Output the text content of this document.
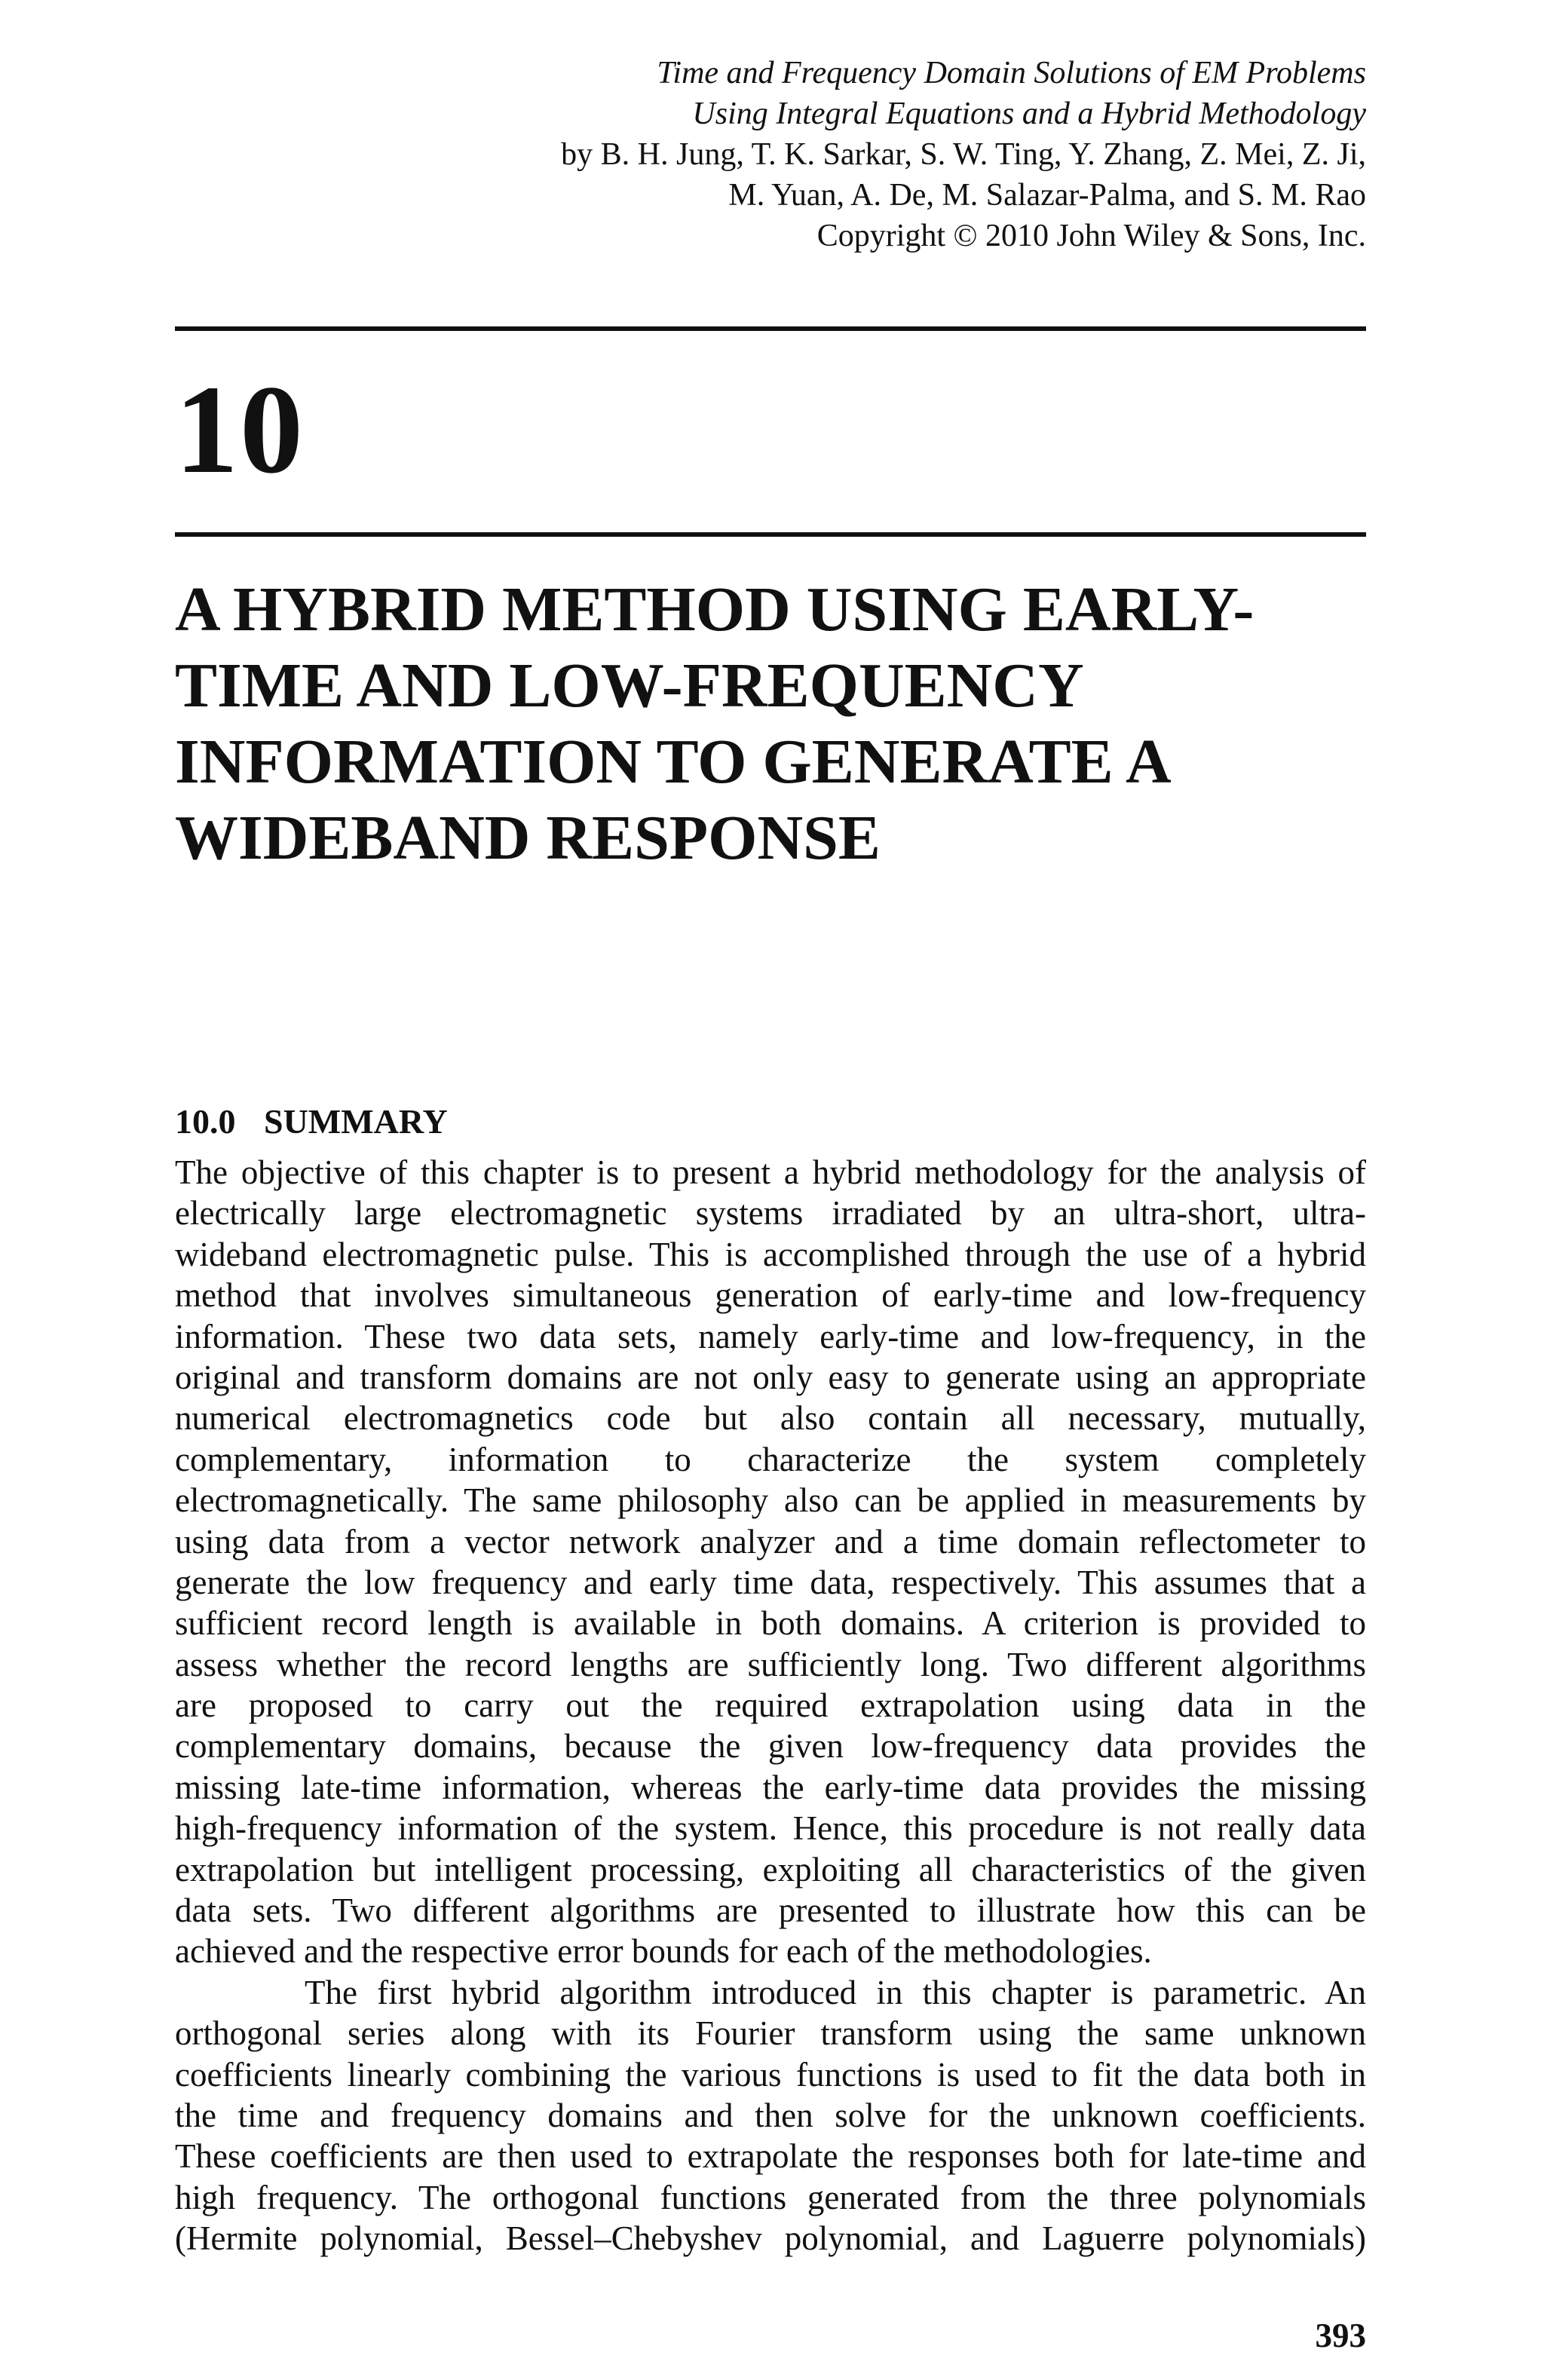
Time and Frequency Domain Solutions of EM Problems
Using Integral Equations and a Hybrid Methodology
by B. H. Jung, T. K. Sarkar, S. W. Ting, Y. Zhang, Z. Mei, Z. Ji,
M. Yuan, A. De, M. Salazar-Palma, and S. M. Rao
Copyright © 2010 John Wiley & Sons, Inc.
10
A HYBRID METHOD USING EARLY-
TIME AND LOW-FREQUENCY
INFORMATION TO GENERATE A
WIDEBAND RESPONSE
10.0 SUMMARY

The objective of this chapter is to present a hybrid methodology for the analysis of
electrically large electromagnetic systems irradiated by an ultra-short, ultra-
wideband electromagnetic pulse. This is accomplished through the use of a hybrid
method that involves simultaneous generation of early-time and low-frequency
information. These two data sets, namely early-time and low-frequency, in the
original and transform domains are not only easy to generate using an appropriate
numerical electromagnetics code but also contain all necessary, mutually,
complementary, information to characterize the system completely
electromagnetically. The same philosophy also can be applied in measurements by
using data from a vector network analyzer and a time domain reflectometer to
generate the low frequency and early time data, respectively. This assumes that a
sufficient record length is available in both domains. A criterion is provided to
assess whether the record lengths are sufficiently long. Two different algorithms
are proposed to carry out the required extrapolation using data in the
complementary domains, because the given low-frequency data provides the
missing late-time information, whereas the early-time data provides the missing
high-frequency information of the system. Hence, this procedure is not really data
extrapolation but intelligent processing, exploiting all characteristics of the given
data sets. Two different algorithms are presented to illustrate how this can be
achieved and the respective error bounds for each of the methodologies.

The first hybrid algorithm introduced in this chapter is parametric. An
orthogonal series along with its Fourier transform using the same unknown
coefficients linearly combining the various functions is used to fit the data both in
the time and frequency domains and then solve for the unknown coefficients.
These coefficients are then used to extrapolate the responses both for late-time and
high frequency. The orthogonal functions generated from the three polynomials
(Hermite polynomial, Bessel–Chebyshev polynomial, and Laguerre polynomials)

393
